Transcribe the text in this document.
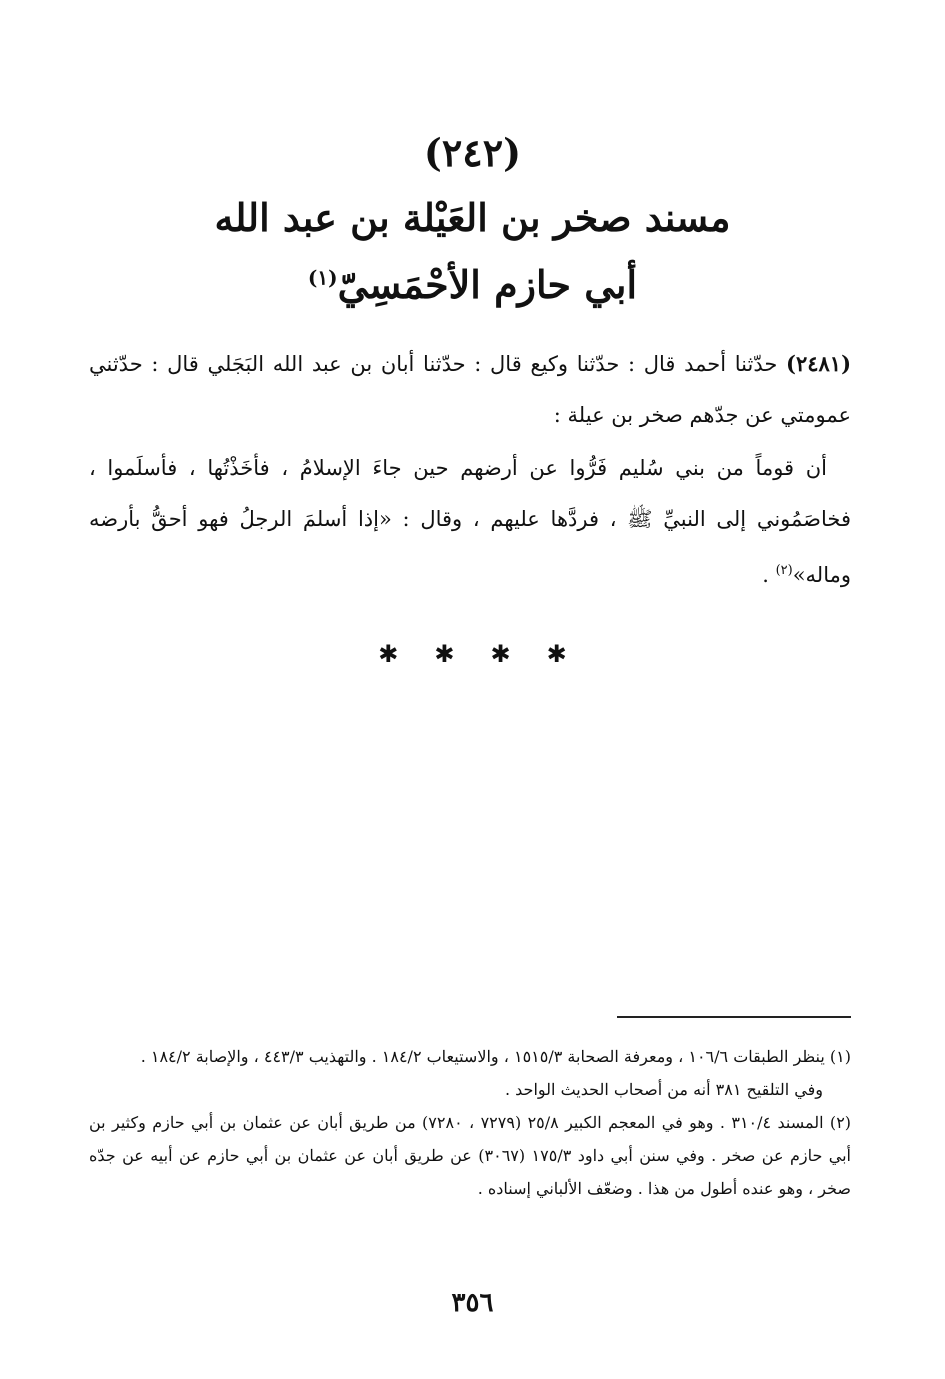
(٢٤٢)
مسند صخر بن العَيْلة بن عبد الله
أبي حازم الأحْمَسِيّ$^{(١)}$

(٢٤٨١) حدّثنا أحمد قال : حدّثنا وكيع قال : حدّثنا أبان بن عبد الله البَجَلي قال : حدّثني عمومتي عن جدّهم صخر بن عيلة :

أن قوماً من بني سُليم فَرُّوا عن أرضهم حين جاءَ الإسلامُ ، فأخَذْتُها ، فأسلَموا ، فخاصَمُوني إلى النبيِّ ﷺ ، فردَّها عليهم ، وقال : «إذا أسلمَ الرجلُ فهو أحقُّ بأرضه وماله»$^{(٢)}$ .

✱ ✱ ✱ ✱

(١) ينظر الطبقات ١٠٦/٦ ، ومعرفة الصحابة ١٥١٥/٣ ، والاستيعاب ١٨٤/٢ . والتهذيب ٤٤٣/٣ ، والإصابة ١٨٤/٢ .

وفي التلقيح ٣٨١ أنه من أصحاب الحديث الواحد .

(٢) المسند ٣١٠/٤ . وهو في المعجم الكبير ٢٥/٨ (٧٢٧٩ ، ٧٢٨٠) من طريق أبان عن عثمان بن أبي حازم وكثير بن أبي حازم عن صخر . وفي سنن أبي داود ١٧٥/٣ (٣٠٦٧) عن طريق أبان عن عثمان بن أبي حازم عن أبيه عن جدّه صخر ، وهو عنده أطول من هذا . وضعّف الألباني إسناده .

٣٥٦
